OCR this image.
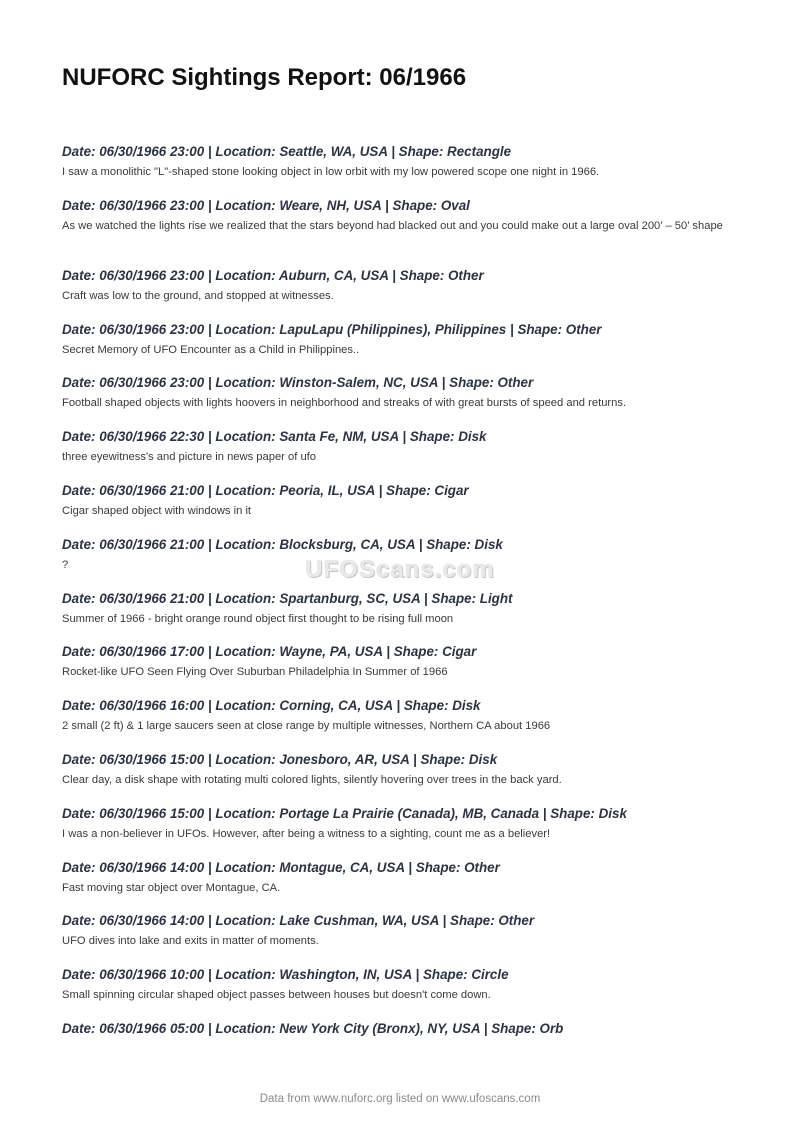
NUFORC Sightings Report: 06/1966

Date: 06/30/1966 23:00 | Location: Seattle, WA, USA | Shape: Rectangle

I saw a monolithic "L"-shaped stone looking object in low orbit with my low powered scope one night in 1966.

Date: 06/30/1966 23:00 | Location: Weare, NH, USA | Shape: Oval

As we watched the lights rise we realized that the stars beyond had blacked out and you could make out a large oval 200’ – 50’ shape

Date: 06/30/1966 23:00 | Location: Auburn, CA, USA | Shape: Other

Craft was low to the ground, and stopped at witnesses.

Date: 06/30/1966 23:00 | Location: LapuLapu (Philippines), Philippines | Shape: Other

Secret Memory of UFO Encounter as a Child in Philippines..

Date: 06/30/1966 23:00 | Location: Winston-Salem, NC, USA | Shape: Other

Football shaped objects with lights hoovers in neighborhood and streaks of with great bursts of speed and returns.

Date: 06/30/1966 22:30 | Location: Santa Fe, NM, USA | Shape: Disk

three eyewitness's and picture in news paper of ufo

Date: 06/30/1966 21:00 | Location: Peoria, IL, USA | Shape: Cigar

Cigar shaped object with windows in it

Date: 06/30/1966 21:00 | Location: Blocksburg, CA, USA | Shape: Disk

?

Date: 06/30/1966 21:00 | Location: Spartanburg, SC, USA | Shape: Light

Summer of 1966 - bright orange round object first thought to be rising full moon

Date: 06/30/1966 17:00 | Location: Wayne, PA, USA | Shape: Cigar

Rocket-like UFO Seen Flying Over Suburban Philadelphia In Summer of 1966

Date: 06/30/1966 16:00 | Location: Corning, CA, USA | Shape: Disk

2 small (2 ft) & 1 large saucers seen at close range by multiple witnesses, Northern CA about 1966

Date: 06/30/1966 15:00 | Location: Jonesboro, AR, USA | Shape: Disk

Clear day, a disk shape with rotating multi colored lights, silently hovering over trees in the back yard.

Date: 06/30/1966 15:00 | Location: Portage La Prairie (Canada), MB, Canada | Shape: Disk

I was a non-believer in UFOs. However, after being a witness to a sighting, count me as a believer!

Date: 06/30/1966 14:00 | Location: Montague, CA, USA | Shape: Other

Fast moving star object over Montague, CA.

Date: 06/30/1966 14:00 | Location: Lake Cushman, WA, USA | Shape: Other

UFO dives into lake and exits in matter of moments.

Date: 06/30/1966 10:00 | Location: Washington, IN, USA | Shape: Circle

Small spinning circular shaped object passes between houses but doesn't come down.

Date: 06/30/1966 05:00 | Location: New York City (Bronx), NY, USA | Shape: Orb

UFOScans.com
Data from www.nuforc.org listed on www.ufoscans.com
